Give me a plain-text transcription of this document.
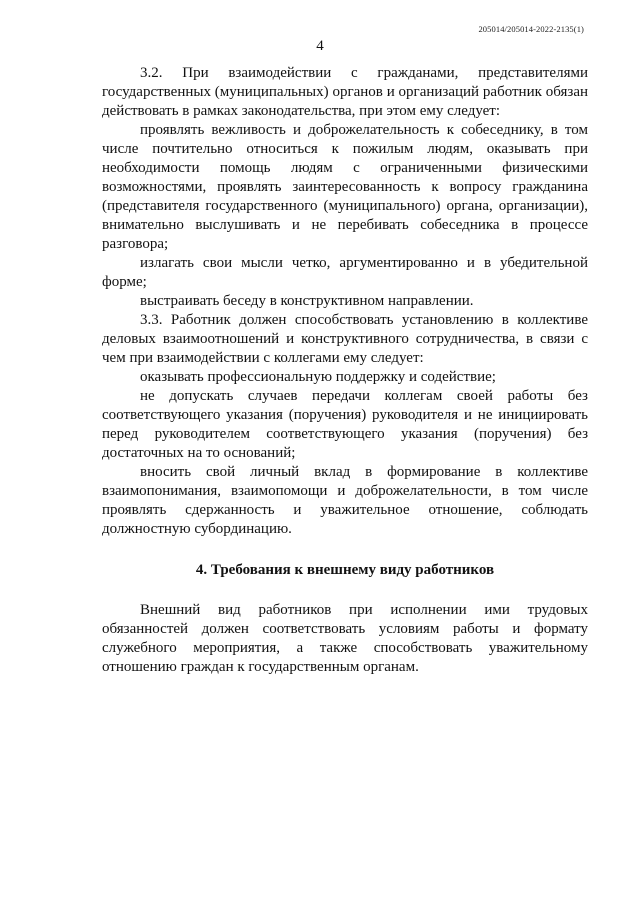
205014/205014-2022-2135(1)
4

3.2. При взаимодействии с гражданами, представителями государственных (муниципальных) органов и организаций работник обязан действовать в рамках законодательства, при этом ему следует:

проявлять вежливость и доброжелательность к собеседнику, в том числе почтительно относиться к пожилым людям, оказывать при необходимости помощь людям с ограниченными физическими возможностями, проявлять заинтересованность к вопросу гражданина (представителя государственного (муниципального) органа, организации), внимательно выслушивать и не перебивать собеседника в процессе разговора;

излагать свои мысли четко, аргументированно и в убедительной форме;

выстраивать беседу в конструктивном направлении.

3.3. Работник должен способствовать установлению в коллективе деловых взаимоотношений и конструктивного сотрудничества, в связи с чем при взаимодействии с коллегами ему следует:

оказывать профессиональную поддержку и содействие;

не допускать случаев передачи коллегам своей работы без соответствующего указания (поручения) руководителя и не инициировать перед руководителем соответствующего указания (поручения) без достаточных на то оснований;

вносить свой личный вклад в формирование в коллективе взаимопонимания, взаимопомощи и доброжелательности, в том числе проявлять сдержанность и уважительное отношение, соблюдать должностную субординацию.

4. Требования к внешнему виду работников

Внешний вид работников при исполнении ими трудовых обязанностей должен соответствовать условиям работы и формату служебного мероприятия, а также способствовать уважительному отношению граждан к государственным органам.
